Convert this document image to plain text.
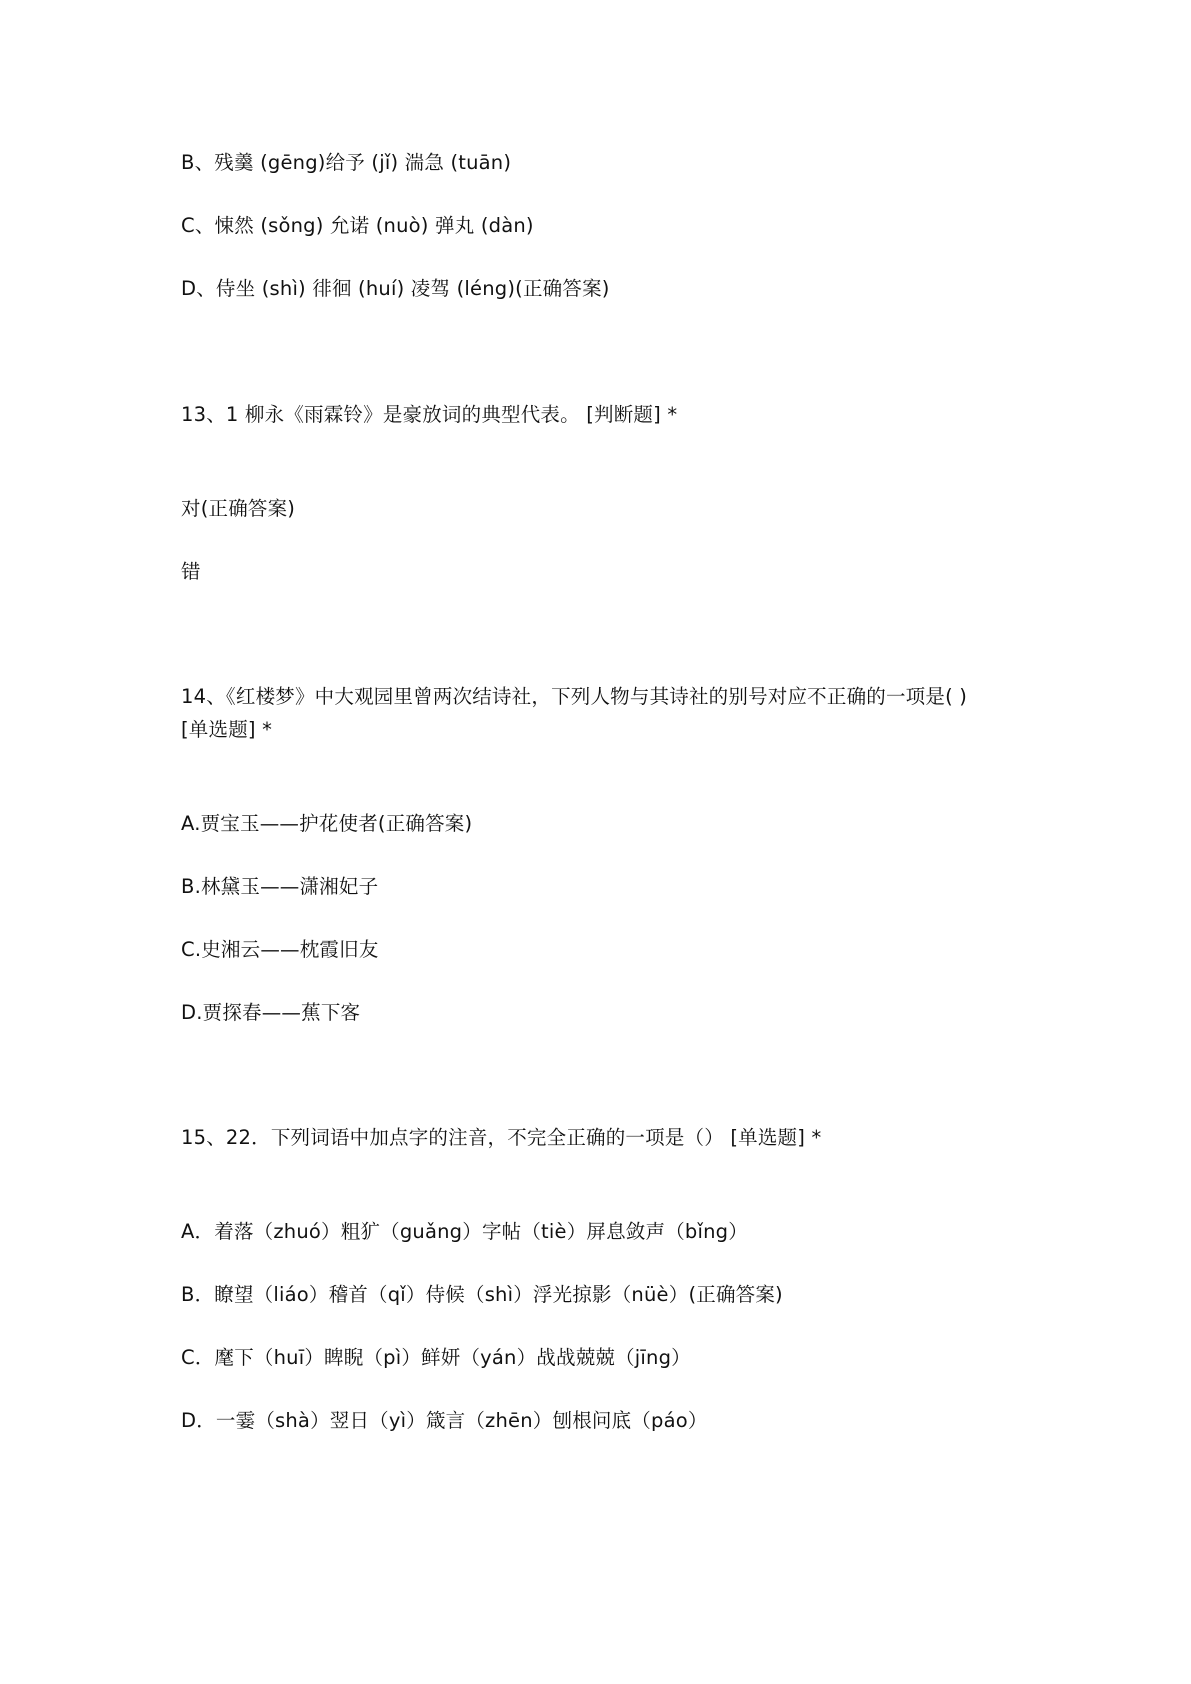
B、残羹 (gēng)给予 (jǐ) 湍急 (tuān)
C、悚然 (sǒng) 允诺 (nuò) 弹丸 (dàn)
D、侍坐 (shì) 徘徊 (huí) 凌驾 (léng)(正确答案)
13、1 柳永《雨霖铃》是豪放词的典型代表。 [判断题] *
对(正确答案)
错
14、《红楼梦》中大观园里曾两次结诗社，下列人物与其诗社的别号对应不正确的一项是( )
[单选题] *
A.贾宝玉——护花使者(正确答案)
B.林黛玉——潇湘妃子
C.史湘云——枕霞旧友
D.贾探春——蕉下客
15、22．下列词语中加点字的注音，不完全正确的一项是（） [单选题] *
A．着落（zhuó）粗犷（guǎng）字帖（tiè）屏息敛声（bǐng）
B．瞭望（liáo）稽首（qǐ）侍候（shì）浮光掠影（nüè）(正确答案)
C．麾下（huī）睥睨（pì）鲜妍（yán）战战兢兢（jīng）
D．一霎（shà）翌日（yì）箴言（zhēn）刨根问底（páo）
